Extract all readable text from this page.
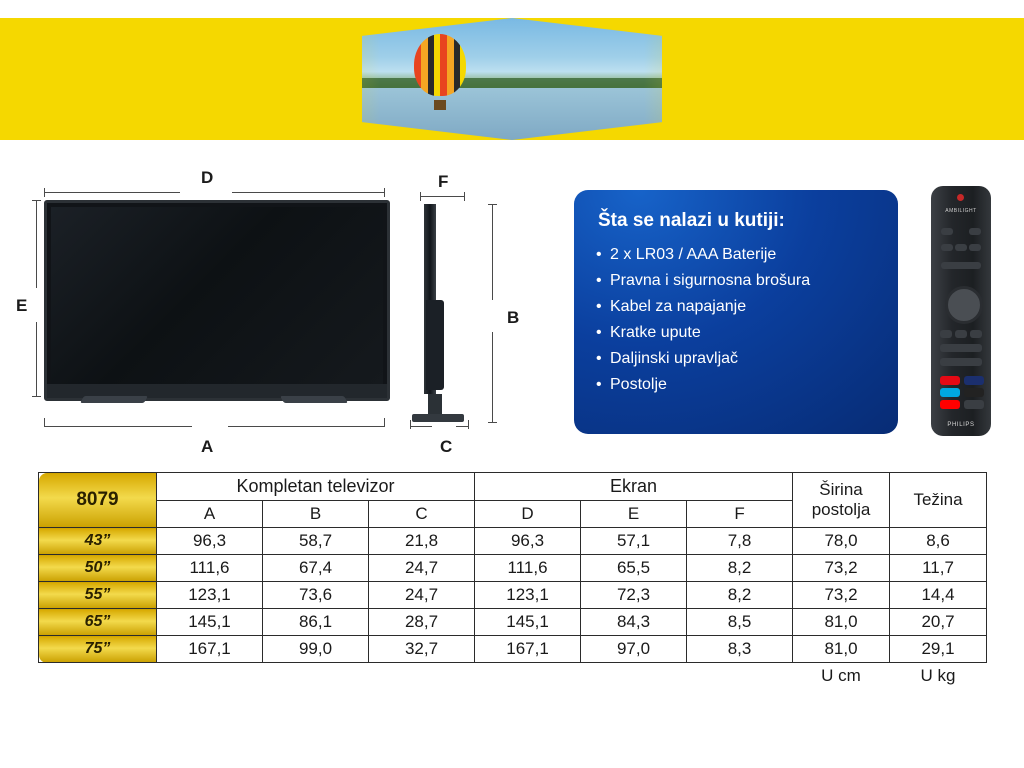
D
E
A
F
B
C
Šta se nalazi u kutiji:
• 2 x LR03 / AAA Baterije
• Pravna i sigurnosna brošura
• Kabel za napajanje
• Kratke upute
• Daljinski upravljač
• Postolje
AMBILIGHT
PHILIPS
8079	Kompletan televizor			Ekran			Širina postolja	Težina
	A	B	C	D	E	F		
43”	96,3	58,7	21,8	96,3	57,1	7,8	78,0	8,6
50”	111,6	67,4	24,7	111,6	65,5	8,2	73,2	11,7
55”	123,1	73,6	24,7	123,1	72,3	8,2	73,2	14,4
65”	145,1	86,1	28,7	145,1	84,3	8,5	81,0	20,7
75”	167,1	99,0	32,7	167,1	97,0	8,3	81,0	29,1
							U cm	U kg
